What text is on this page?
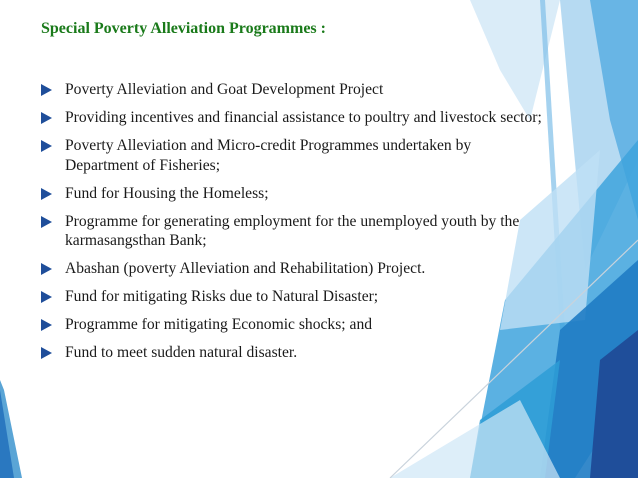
Special Poverty Alleviation Programmes :
Poverty Alleviation and Goat Development Project
Providing incentives and financial assistance to poultry and livestock sector;
Poverty Alleviation and Micro-credit Programmes undertaken by Department of Fisheries;
Fund for Housing the Homeless;
Programme for generating employment for the unemployed youth by the karmasangsthan Bank;
Abashan (poverty Alleviation and Rehabilitation) Project.
Fund for mitigating Risks due to Natural Disaster;
Programme for mitigating Economic shocks; and
Fund to meet sudden natural disaster.
